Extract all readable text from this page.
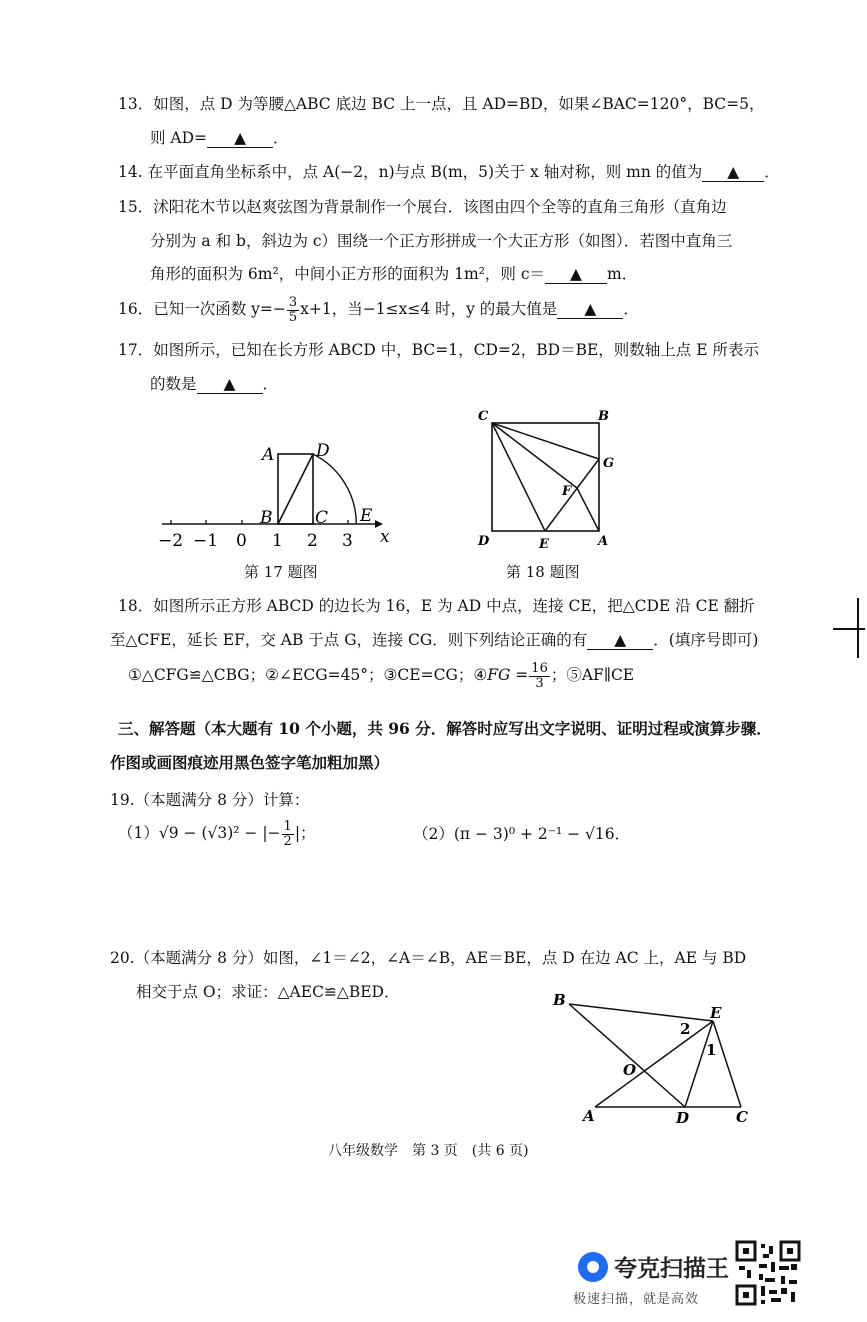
13．如图，点 D 为等腰△ABC 底边 BC 上一点，且 AD=BD，如果∠BAC=120°，BC=5，
则 AD= ▲ ．
14. 在平面直角坐标系中，点 A(−2，n)与点 B(m，5)关于 x 轴对称，则 mn 的值为 ▲ ．
15．沭阳花木节以赵爽弦图为背景制作一个展台．该图由四个全等的直角三角形（直角边
分别为 a 和 b，斜边为 c）围绕一个正方形拼成一个大正方形（如图）．若图中直角三
角形的面积为 6m²，中间小正方形的面积为 1m²，则 c＝ ▲ m．
16．已知一次函数 $y=- \frac{3}{5} x+1$，当−1≤x≤4 时，y 的最大值是 ▲ ．
17．如图所示，已知在长方形 ABCD 中，BC=1，CD=2，BD＝BE，则数轴上点 E 所表示
的数是 ▲ ．
A D
B	C E
x
−2 −1 0 1 2 3
第 17 题图
C	B
G
F
D	E	A
第 18 题图
18．如图所示正方形 ABCD 的边长为 16，E 为 AD 中点，连接 CE，把△CDE 沿 CE 翻折
至△CFE，延长 EF，交 AB 于点 G，连接 CG．则下列结论正确的有 ▲ ．(填序号即可)
①△CFG≌△CBG；②∠ECG=45°；③CE=CG；④FG = $\frac{16}{3}$ ；⑤AF∥CE
三、解答题（本大题有 10 个小题，共 96 分．解答时应写出文字说明、证明过程或演算步骤．
作图或画图痕迹用黑色签字笔加粗加黑）
19.（本题满分 8 分）计算：
（1）√9 − (√3)² − |− $\frac{1}{2}$ |；	（2）(π − 3)⁰ + 2⁻¹ − √16．
20.（本题满分 8 分）如图，∠1＝∠2，∠A＝∠B，AE＝BE，点 D 在边 AC 上，AE 与 BD
相交于点 O；求证：△AEC≌△BED．	B
E
2
1
O
A	D	C
八年级数学　第 3 页　(共 6 页)
夸克扫描王
极速扫描，就是高效
